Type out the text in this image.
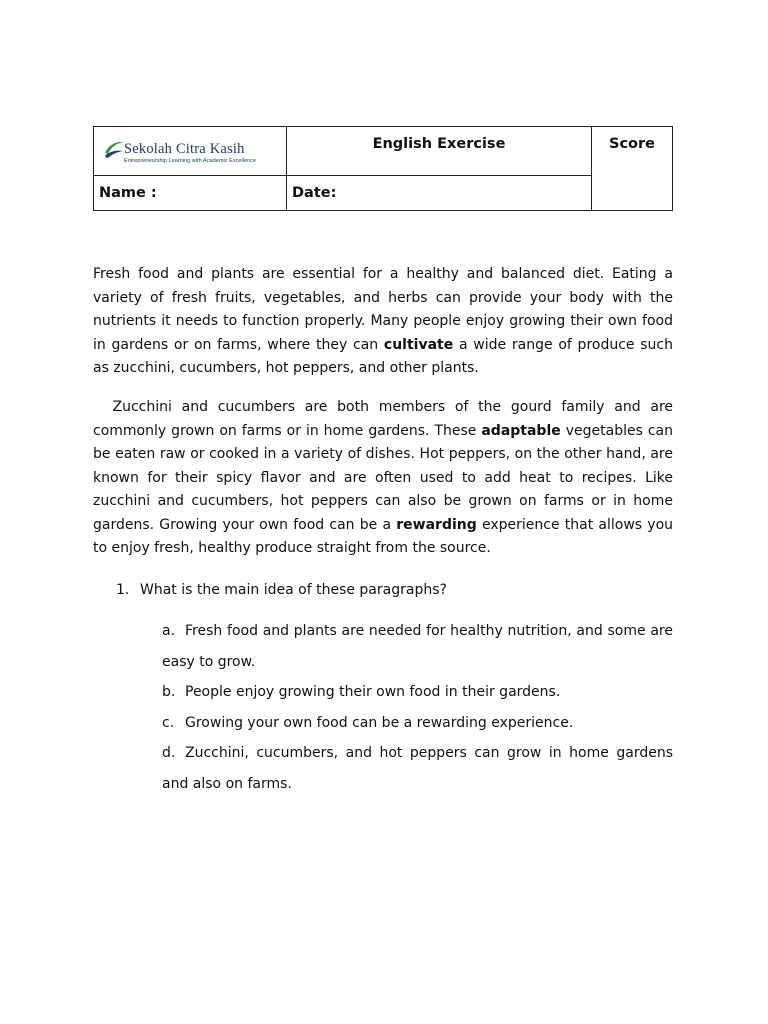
Sekolah Citra Kasih
Entrepreneurship Learning with Academic Excellence	English Exercise	Score

Name :	Date:	

Fresh food and plants are essential for a healthy and balanced diet. Eating a variety of fresh fruits, vegetables, and herbs can provide your body with the nutrients it needs to function properly. Many people enjoy growing their own food in gardens or on farms, where they can cultivate a wide range of produce such as zucchini, cucumbers, hot peppers, and other plants.

Zucchini and cucumbers are both members of the gourd family and are commonly grown on farms or in home gardens. These adaptable vegetables can be eaten raw or cooked in a variety of dishes. Hot peppers, on the other hand, are known for their spicy flavor and are often used to add heat to recipes. Like zucchini and cucumbers, hot peppers can also be grown on farms or in home gardens. Growing your own food can be a rewarding experience that allows you to enjoy fresh, healthy produce straight from the source.

1. What is the main idea of these paragraphs?
a. Fresh food and plants are needed for healthy nutrition, and some are easy to grow.
b. People enjoy growing their own food in their gardens.
c. Growing your own food can be a rewarding experience.
d. Zucchini, cucumbers, and hot peppers can grow in home gardens and also on farms.
